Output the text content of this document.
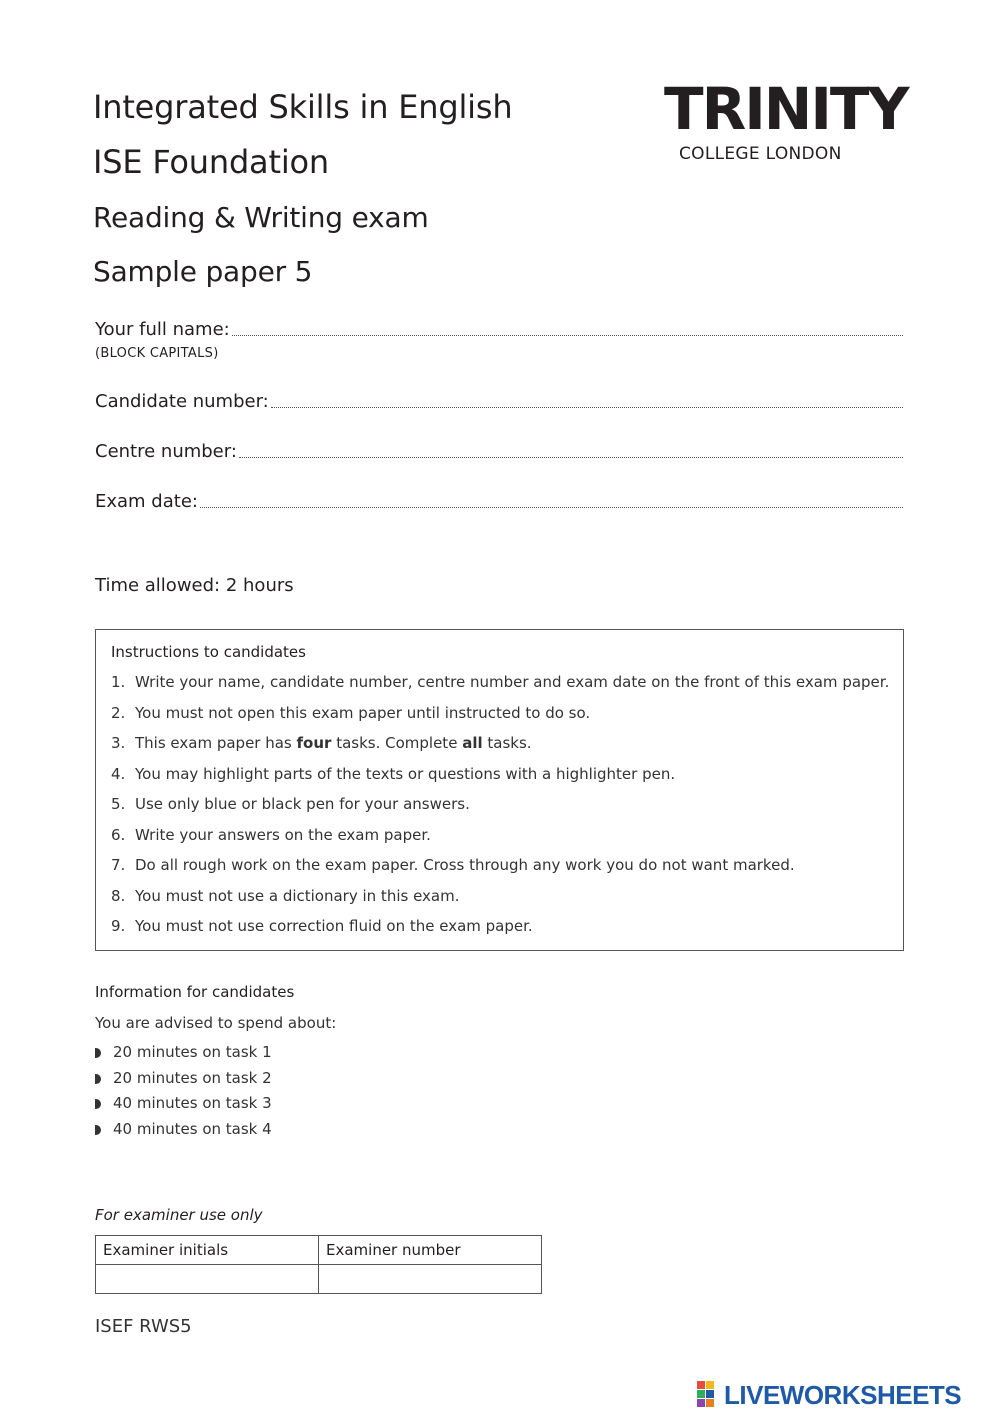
Integrated Skills in English
ISE Foundation
Reading & Writing exam
Sample paper 5
TRINITY
COLLEGE LONDON
Your full name:
(BLOCK CAPITALS)
Candidate number:
Centre number:
Exam date:
Time allowed: 2 hours
Instructions to candidates
1. Write your name, candidate number, centre number and exam date on the front of this exam paper.
2. You must not open this exam paper until instructed to do so.
3. This exam paper has four tasks. Complete all tasks.
4. You may highlight parts of the texts or questions with a highlighter pen.
5. Use only blue or black pen for your answers.
6. Write your answers on the exam paper.
7. Do all rough work on the exam paper. Cross through any work you do not want marked.
8. You must not use a dictionary in this exam.
9. You must not use correction fluid on the exam paper.
Information for candidates
You are advised to spend about:
20 minutes on task 1
20 minutes on task 2
40 minutes on task 3
40 minutes on task 4
For examiner use only
Examiner initials	Examiner number

ISEF RWS5
LIVEWORKSHEETS
